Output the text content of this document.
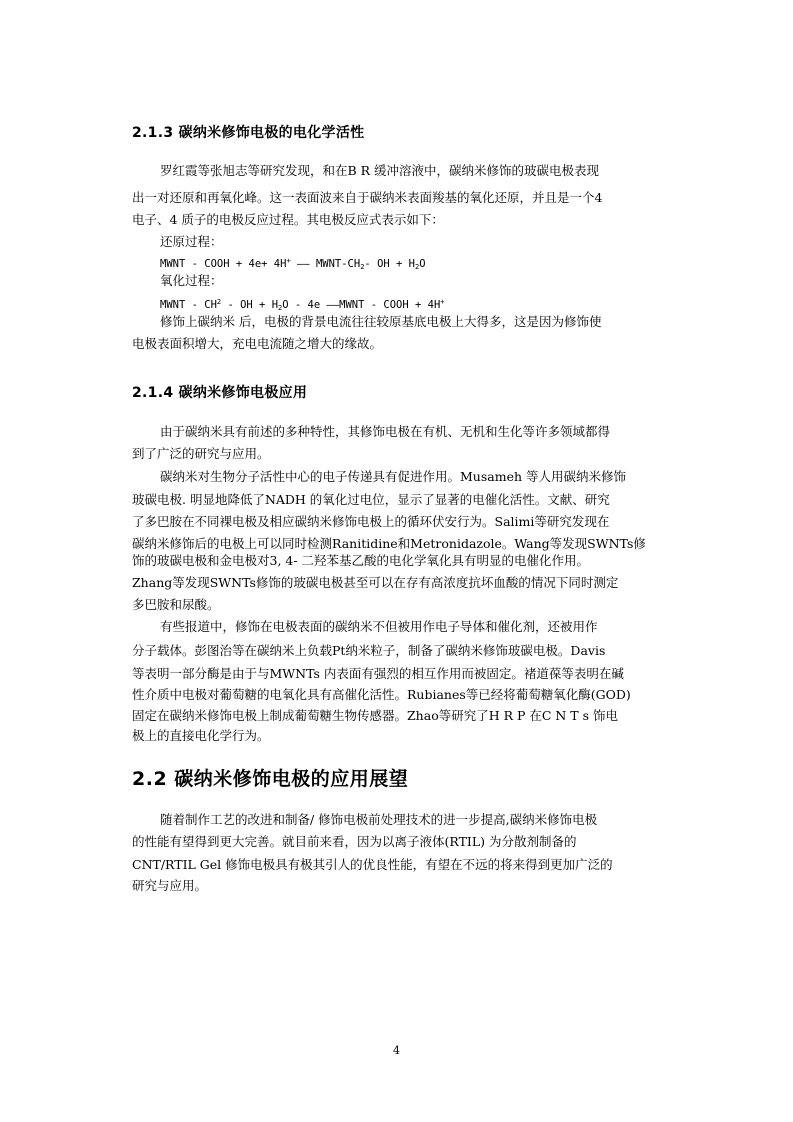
2.1.3 碳纳米修饰电极的电化学活性
罗红霞等张旭志等研究发现，和在B R 缓冲溶液中，碳纳米修饰的玻碳电极表现
出一对还原和再氧化峰。这一表面波来自于碳纳米表面羧基的氧化还原，并且是一个4
电子、4 质子的电极反应过程。其电极反应式表示如下：
还原过程：
MWNT - COOH + 4e+ 4H+ —— MWNT-$CH_2-$ OH + $H_2O$
氧化过程：
MWNT - $CH^2$ - OH + $H_2O - 4e$ ——MWNT - COOH + 4H+
修饰上碳纳米 后，电极的背景电流往往较原基底电极上大得多，这是因为修饰使
电极表面积增大，充电电流随之增大的缘故。
2.1.4 碳纳米修饰电极应用
由于碳纳米具有前述的多种特性，其修饰电极在有机、无机和生化等许多领域都得
到了广泛的研究与应用。
碳纳米对生物分子活性中心的电子传递具有促进作用。Musameh 等人用碳纳米修饰
玻碳电极. 明显地降低了NADH 的氧化过电位，显示了显著的电催化活性。文献、研究
了多巴胺在不同裸电极及相应碳纳米修饰电极上的循环伏安行为。Salimi等研究发现在
碳纳米修饰后的电极上可以同时检测Ranitidine和Metronidazole。Wang等发现SWNTs修
饰的玻碳电极和金电极对3, 4- 二羟苯基乙酸的电化学氧化具有明显的电催化作用。
Zhang等发现SWNTs修饰的玻碳电极甚至可以在存有高浓度抗坏血酸的情况下同时测定
多巴胺和尿酸。
有些报道中，修饰在电极表面的碳纳米不但被用作电子导体和催化剂，还被用作
分子载体。彭图治等在碳纳米上负载Pt纳米粒子，制备了碳纳米修饰玻碳电极。Davis
等表明一部分酶是由于与MWNTs 内表面有强烈的相互作用而被固定。褚道葆等表明在碱
性介质中电极对葡萄糖的电氧化具有高催化活性。Rubianes等已经将葡萄糖氧化酶(GOD)
固定在碳纳米修饰电极上制成葡萄糖生物传感器。Zhao等研究了H R P 在C N T s 饰电
极上的直接电化学行为。
2.2 碳纳米修饰电极的应用展望
随着制作工艺的改进和制备/ 修饰电极前处理技术的进一步提高,碳纳米修饰电极
的性能有望得到更大完善。就目前来看，因为以离子液体(RTIL) 为分散剂制备的
CNT/RTIL Gel 修饰电极具有极其引人的优良性能，有望在不远的将来得到更加广泛的
研究与应用。
4
